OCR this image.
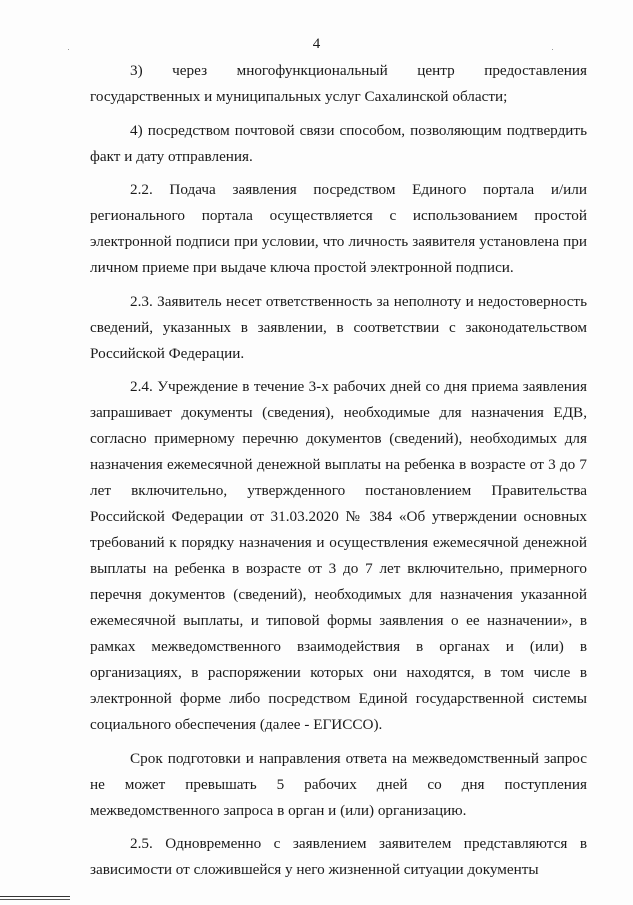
4

3) через многофункциональный центр предоставления
государственных и муниципальных услуг Сахалинской области;

4) посредством почтовой связи способом, позволяющим подтвердить факт и дату отправления.

2.2. Подача заявления посредством Единого портала и/или регионального портала осуществляется с использованием простой электронной подписи при условии, что личность заявителя установлена при личном приеме при выдаче ключа простой электронной подписи.

2.3. Заявитель несет ответственность за неполноту и недостоверность сведений, указанных в заявлении, в соответствии с законодательством Российской Федерации.

2.4. Учреждение в течение 3-х рабочих дней со дня приема заявления запрашивает документы (сведения), необходимые для назначения ЕДВ, согласно примерному перечню документов (сведений), необходимых для назначения ежемесячной денежной выплаты на ребенка в возрасте от 3 до 7 лет включительно, утвержденного постановлением Правительства Российской Федерации от 31.03.2020 № 384 «Об утверждении основных требований к порядку назначения и осуществления ежемесячной денежной выплаты на ребенка в возрасте от 3 до 7 лет включительно, примерного перечня документов (сведений), необходимых для назначения указанной ежемесячной выплаты, и типовой формы заявления о ее назначении», в рамках межведомственного взаимодействия в органах и (или) в организациях, в распоряжении которых они находятся, в том числе в электронной форме либо посредством Единой государственной системы социального обеспечения (далее - ЕГИССО).

Срок подготовки и направления ответа на межведомственный запрос не может превышать 5 рабочих дней со дня поступления межведомственного запроса в орган и (или) организацию.

2.5. Одновременно с заявлением заявителем представляются в зависимости от сложившейся у него жизненной ситуации документы
